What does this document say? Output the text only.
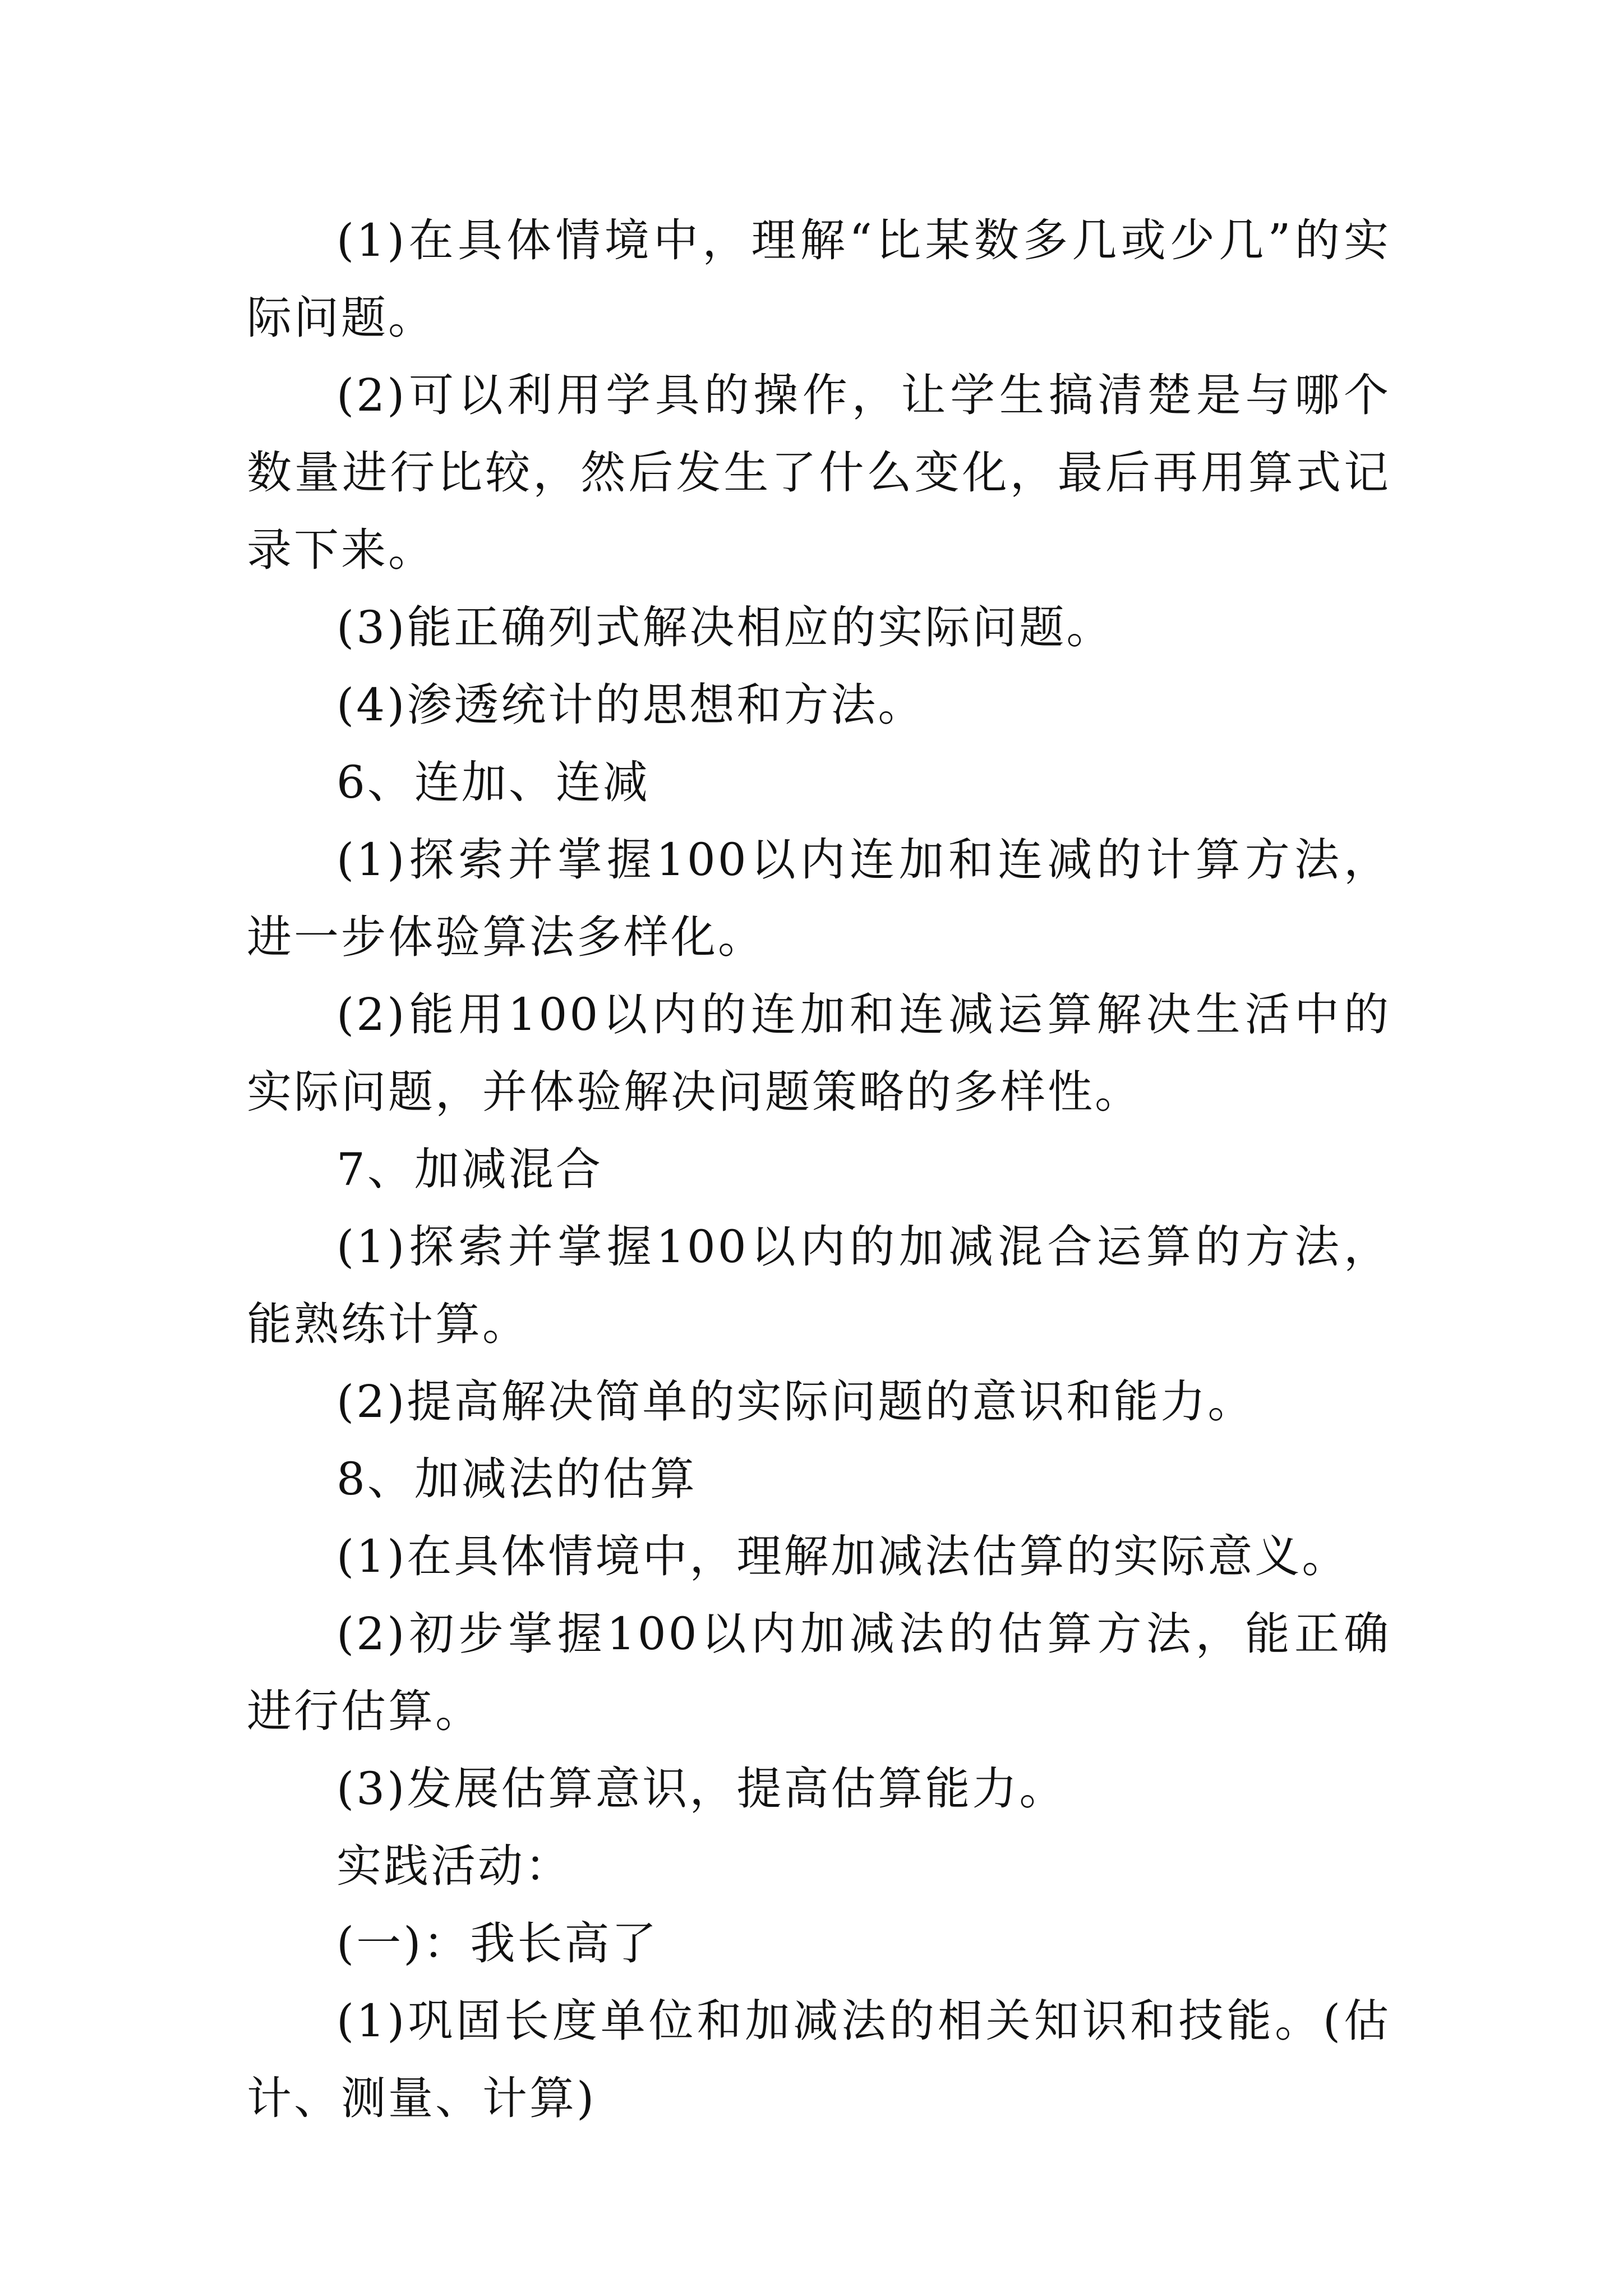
(1)在具体情境中，理解“比某数多几或少几”的实际问题。

(2)可以利用学具的操作，让学生搞清楚是与哪个数量进行比较，然后发生了什么变化，最后再用算式记录下来。

(3)能正确列式解决相应的实际问题。

(4)渗透统计的思想和方法。

6、连加、连减

(1)探索并掌握100以内连加和连减的计算方法，进一步体验算法多样化。

(2)能用100以内的连加和连减运算解决生活中的实际问题，并体验解决问题策略的多样性。

7、加减混合

(1)探索并掌握100以内的加减混合运算的方法，能熟练计算。

(2)提高解决简单的实际问题的意识和能力。

8、加减法的估算

(1)在具体情境中，理解加减法估算的实际意义。

(2)初步掌握100以内加减法的估算方法，能正确进行估算。

(3)发展估算意识，提高估算能力。

实践活动：

(一)：我长高了

(1)巩固长度单位和加减法的相关知识和技能。(估计、测量、计算)
